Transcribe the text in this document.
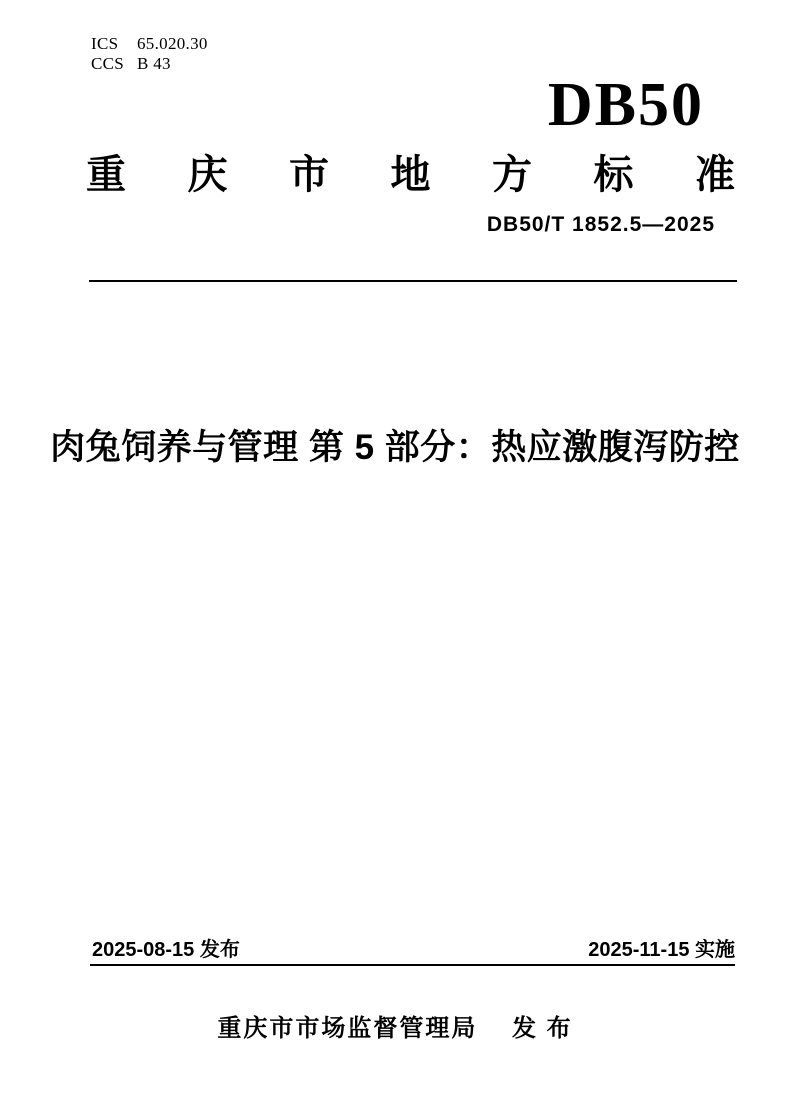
ICS	65.020.30
CCS B 43
DB50
重 庆 市 地 方 标 准
DB50/T 1852.5—2025
肉兔饲养与管理 第 5 部分：热应激腹泻防控
2025-08-15 发布	2025-11-15 实施
重庆市市场监督管理局 发 布
